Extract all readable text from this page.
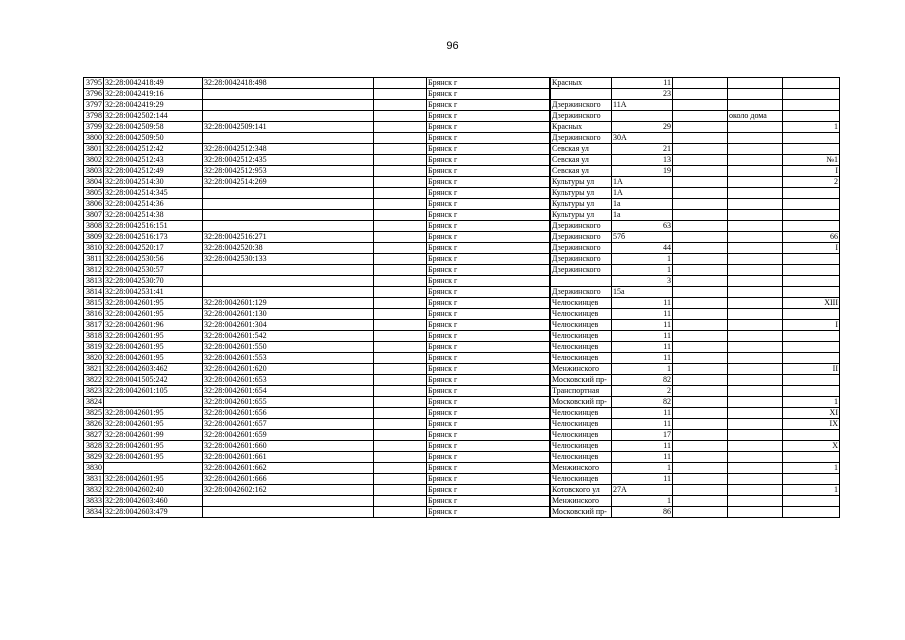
96
3795	32:28:0042418:49	32:28:0042418:498		Брянск г		Красных	11			
3796	32:28:0042419:16			Брянск г			23			
3797	32:28:0042419:29			Брянск г		Дзержинского	11А			
3798	32:28:0042502:144			Брянск г		Дзержинского			около дома	
3799	32:28:0042509:58	32:28:0042509:141		Брянск г		Красных	29			1
3800	32:28:0042509:50			Брянск г		Дзержинского	30А			
3801	32:28:0042512:42	32:28:0042512:348		Брянск г		Севская ул	21			
3802	32:28:0042512:43	32:28:0042512:435		Брянск г		Севская ул	13			№1
3803	32:28:0042512:49	32:28:0042512:953		Брянск г		Севская ул	19			I
3804	32:28:0042514:30	32:28:0042514:269		Брянск г		Культуры ул	1А			2
3805	32:28:0042514:345			Брянск г		Культуры ул	1А			
3806	32:28:0042514:36			Брянск г		Культуры ул	1а			
3807	32:28:0042514:38			Брянск г		Культуры ул	1а			
3808	32:28:0042516:151			Брянск г		Дзержинского	63			
3809	32:28:0042516:173	32:28:0042516:271		Брянск г		Дзержинского	57б			66
3810	32:28:0042520:17	32:28:0042520:38		Брянск г		Дзержинского	44			I
3811	32:28:0042530:56	32:28:0042530:133		Брянск г		Дзержинского	1			
3812	32:28:0042530:57			Брянск г		Дзержинского	1			
3813	32:28:0042530:70			Брянск г			3			
3814	32:28:0042531:41			Брянск г		Дзержинского	15а			
3815	32:28:0042601:95	32:28:0042601:129		Брянск г		Челюскинцев	11			XIII
3816	32:28:0042601:95	32:28:0042601:130		Брянск г		Челюскинцев	11			
3817	32:28:0042601:96	32:28:0042601:304		Брянск г		Челюскинцев	11			I
3818	32:28:0042601:95	32:28:0042601:542		Брянск г		Челюскинцев	11			
3819	32:28:0042601:95	32:28:0042601:550		Брянск г		Челюскинцев	11			
3820	32:28:0042601:95	32:28:0042601:553		Брянск г		Челюскинцев	11			
3821	32:28:0042603:462	32:28:0042601:620		Брянск г		Менжинского	1			II
3822	32:28:0041505:242	32:28:0042601:653		Брянск г		Московский пр-	82			
3823	32:28:0042601:105	32:28:0042601:654		Брянск г		Транспортная	2			
3824		32:28:0042601:655		Брянск г		Московский пр-	82			1
3825	32:28:0042601:95	32:28:0042601:656		Брянск г		Челюскинцев	11			XI
3826	32:28:0042601:95	32:28:0042601:657		Брянск г		Челюскинцев	11			IX
3827	32:28:0042601:99	32:28:0042601:659		Брянск г		Челюскинцев	17			
3828	32:28:0042601:95	32:28:0042601:660		Брянск г		Челюскинцев	11			X
3829	32:28:0042601:95	32:28:0042601:661		Брянск г		Челюскинцев	11			
3830		32:28:0042601:662		Брянск г		Менжинского	1			1
3831	32:28:0042601:95	32:28:0042601:666		Брянск г		Челюскинцев	11			
3832	32:28:0042602:40	32:28:0042602:162		Брянск г		Котовского ул	27А			1
3833	32:28:0042603:460			Брянск г		Менжинского	1			
3834	32:28:0042603:479			Брянск г		Московский пр-	86			
